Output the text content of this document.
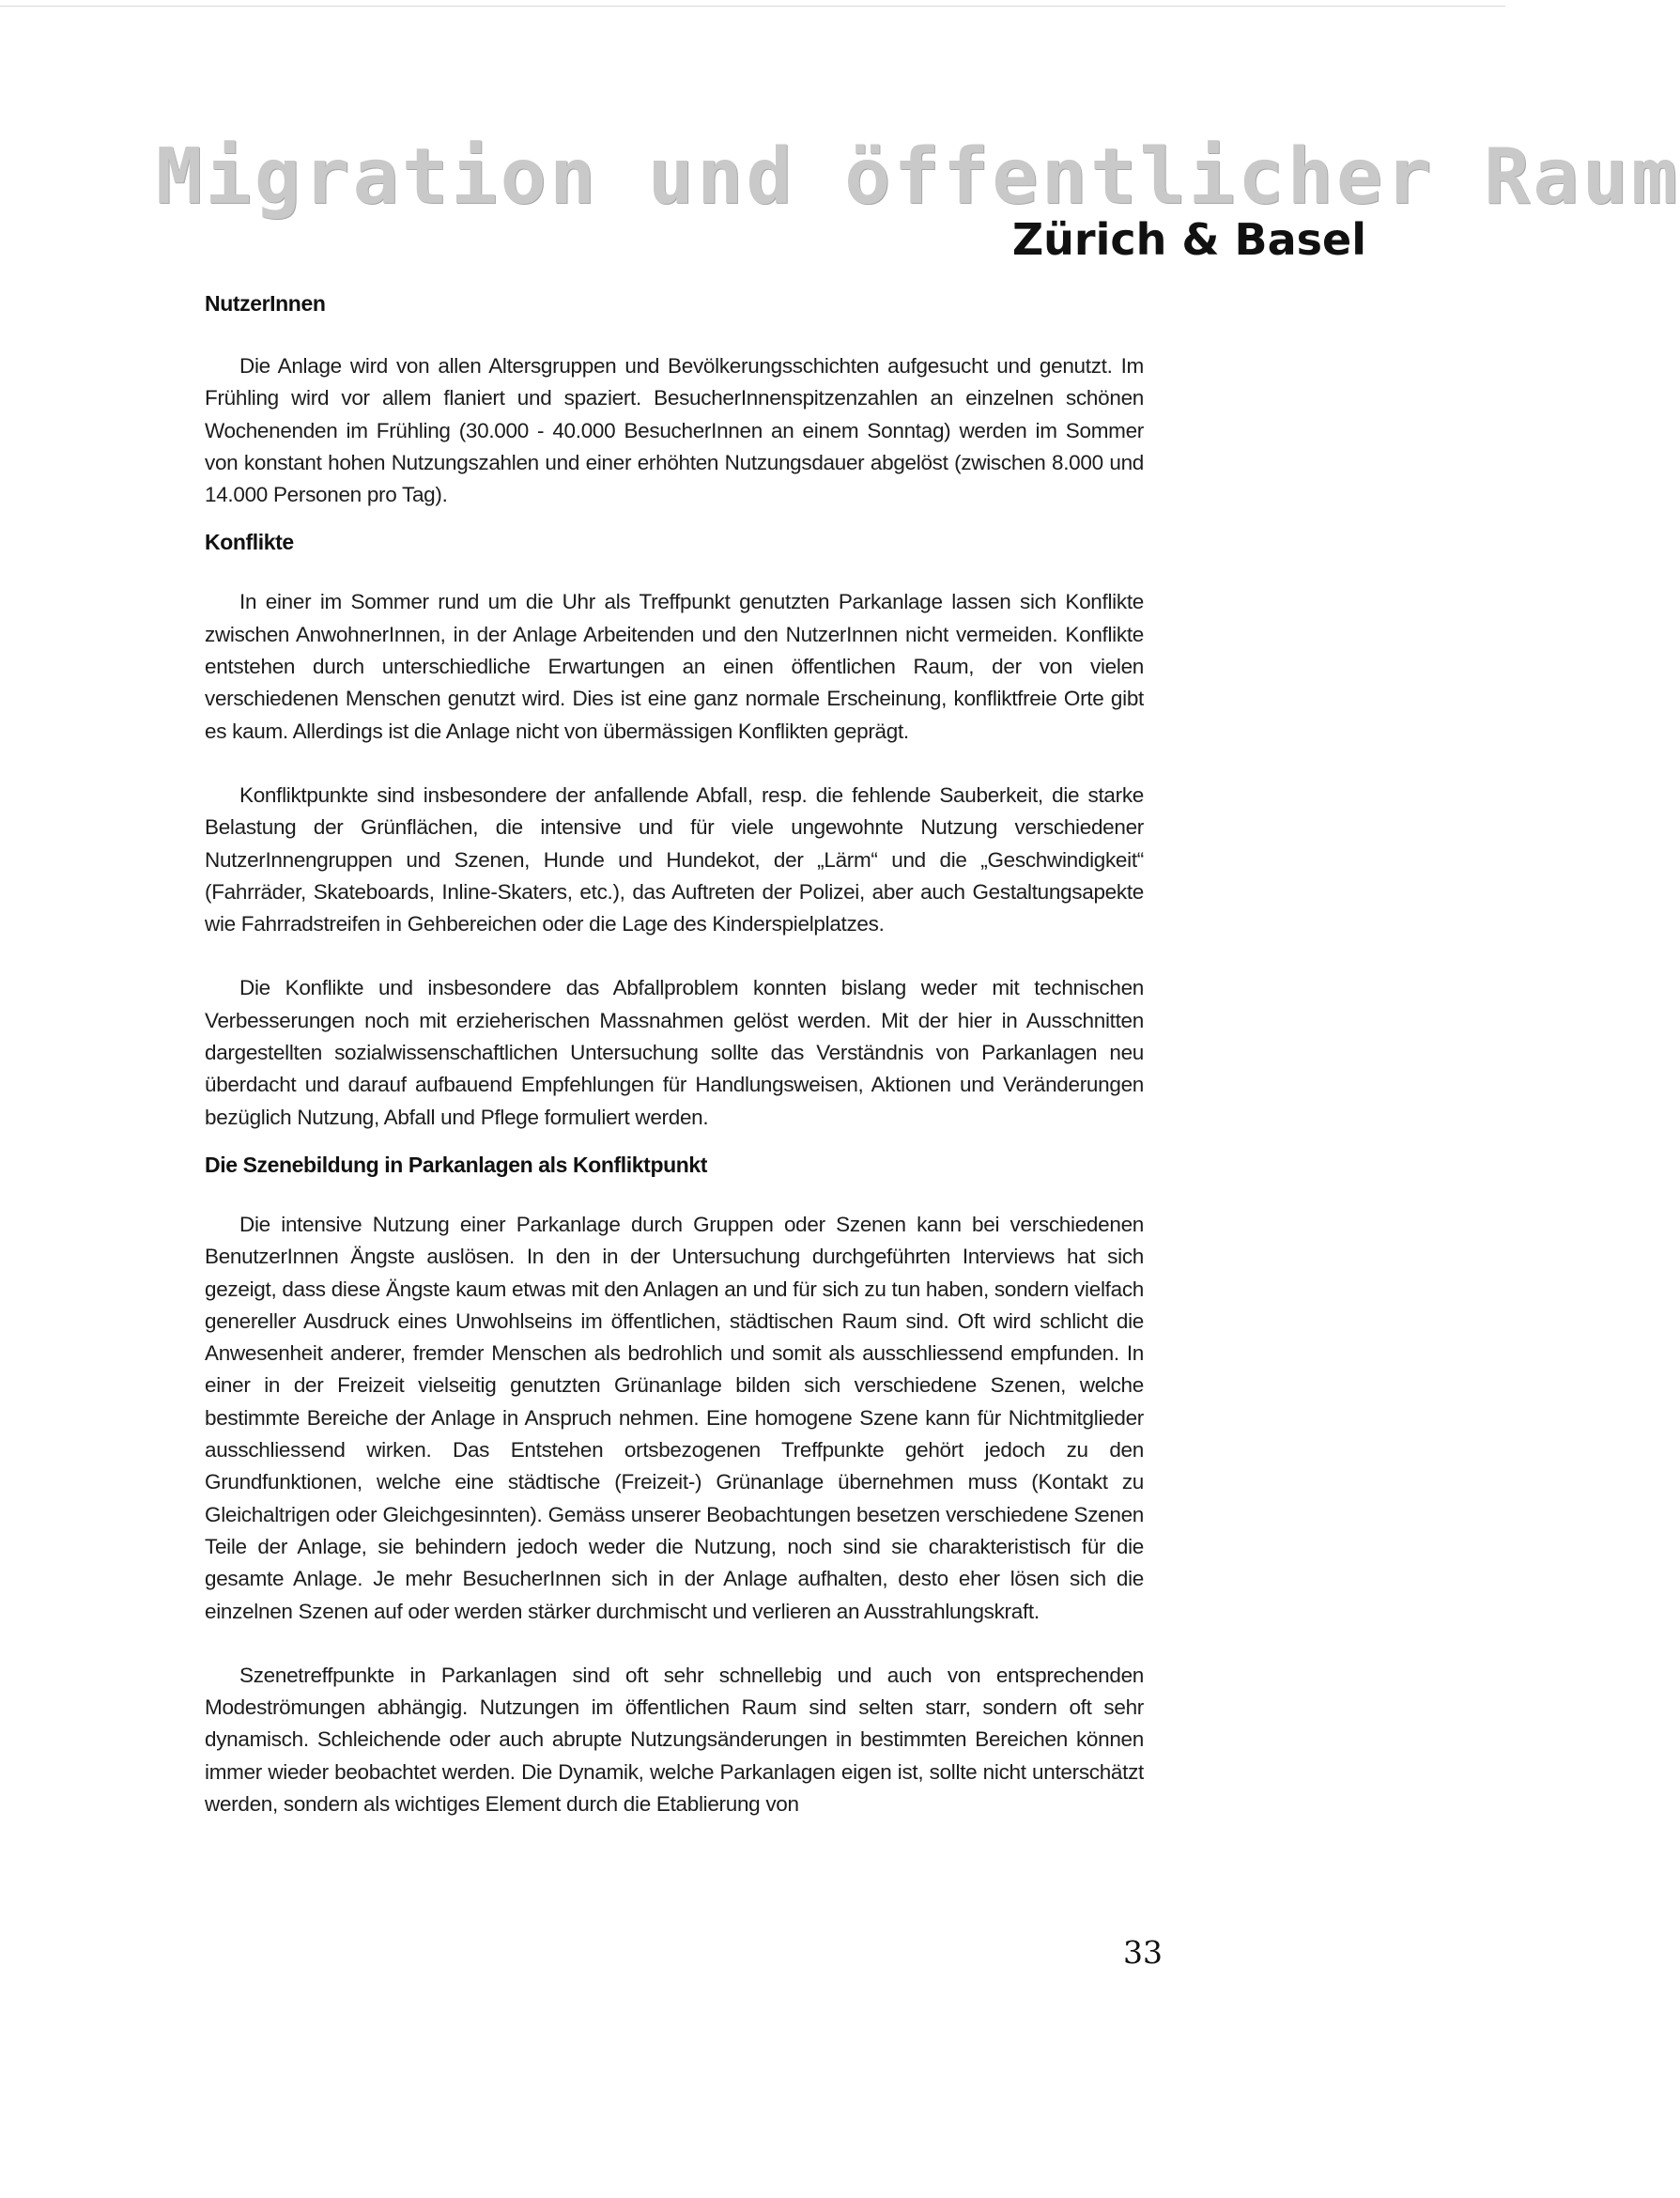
Migration und öffentlicher Raum
Zürich & Basel
NutzerInnen

Die Anlage wird von allen Altersgruppen und Bevölkerungsschichten aufgesucht und genutzt. Im Frühling wird vor allem flaniert und spaziert. BesucherInnenspitzenzahlen an einzelnen schönen Wochenenden im Frühling (30.000 - 40.000 BesucherInnen an einem Sonntag) werden im Sommer von konstant hohen Nutzungszahlen und einer erhöhten Nutzungsdauer abgelöst (zwischen 8.000 und 14.000 Personen pro Tag).

Konflikte

In einer im Sommer rund um die Uhr als Treffpunkt genutzten Parkanlage lassen sich Konflikte zwischen AnwohnerInnen, in der Anlage Arbeitenden und den NutzerInnen nicht vermeiden. Konflikte entstehen durch unterschiedliche Erwartungen an einen öffentlichen Raum, der von vielen verschiedenen Menschen genutzt wird. Dies ist eine ganz normale Erscheinung, konfliktfreie Orte gibt es kaum. Allerdings ist die Anlage nicht von übermässigen Konflikten geprägt.

Konfliktpunkte sind insbesondere der anfallende Abfall, resp. die fehlende Sauberkeit, die starke Belastung der Grünflächen, die intensive und für viele ungewohnte Nutzung verschiedener NutzerInnengruppen und Szenen, Hunde und Hundekot, der „Lärm“ und die „Geschwindigkeit“ (Fahrräder, Skateboards, Inline-Skaters, etc.), das Auftreten der Polizei, aber auch Gestaltungsapekte wie Fahrradstreifen in Gehbereichen oder die Lage des Kinderspielplatzes.

Die Konflikte und insbesondere das Abfallproblem konnten bislang weder mit technischen Verbesserungen noch mit erzieherischen Massnahmen gelöst werden. Mit der hier in Ausschnitten dargestellten sozialwissenschaftlichen Untersuchung sollte das Verständnis von Parkanlagen neu überdacht und darauf aufbauend Empfehlungen für Handlungsweisen, Aktionen und Veränderungen bezüglich Nutzung, Abfall und Pflege formuliert werden.

Die Szenebildung in Parkanlagen als Konfliktpunkt

Die intensive Nutzung einer Parkanlage durch Gruppen oder Szenen kann bei verschiedenen BenutzerInnen Ängste auslösen. In den in der Untersuchung durchgeführten Interviews hat sich gezeigt, dass diese Ängste kaum etwas mit den Anlagen an und für sich zu tun haben, sondern vielfach genereller Ausdruck eines Unwohlseins im öffentlichen, städtischen Raum sind. Oft wird schlicht die Anwesenheit anderer, fremder Menschen als bedrohlich und somit als ausschliessend empfunden. In einer in der Freizeit vielseitig genutzten Grünanlage bilden sich verschiedene Szenen, welche bestimmte Bereiche der Anlage in Anspruch nehmen. Eine homogene Szene kann für Nichtmitglieder ausschliessend wirken. Das Entstehen ortsbezogenen Treffpunkte gehört jedoch zu den Grundfunktionen, welche eine städtische (Freizeit-) Grünanlage übernehmen muss (Kontakt zu Gleichaltrigen oder Gleichgesinnten). Gemäss unserer Beobachtungen besetzen verschiedene Szenen Teile der Anlage, sie behindern jedoch weder die Nutzung, noch sind sie charakteristisch für die gesamte Anlage. Je mehr BesucherInnen sich in der Anlage aufhalten, desto eher lösen sich die einzelnen Szenen auf oder werden stärker durchmischt und verlieren an Ausstrahlungskraft.

Szenetreffpunkte in Parkanlagen sind oft sehr schnellebig und auch von entsprechenden Modeströmungen abhängig. Nutzungen im öffentlichen Raum sind selten starr, sondern oft sehr dynamisch. Schleichende oder auch abrupte Nutzungsänderungen in bestimmten Bereichen können immer wieder beobachtet werden. Die Dynamik, welche Parkanlagen eigen ist, sollte nicht unterschätzt werden, sondern als wichtiges Element durch die Etablierung von

33
